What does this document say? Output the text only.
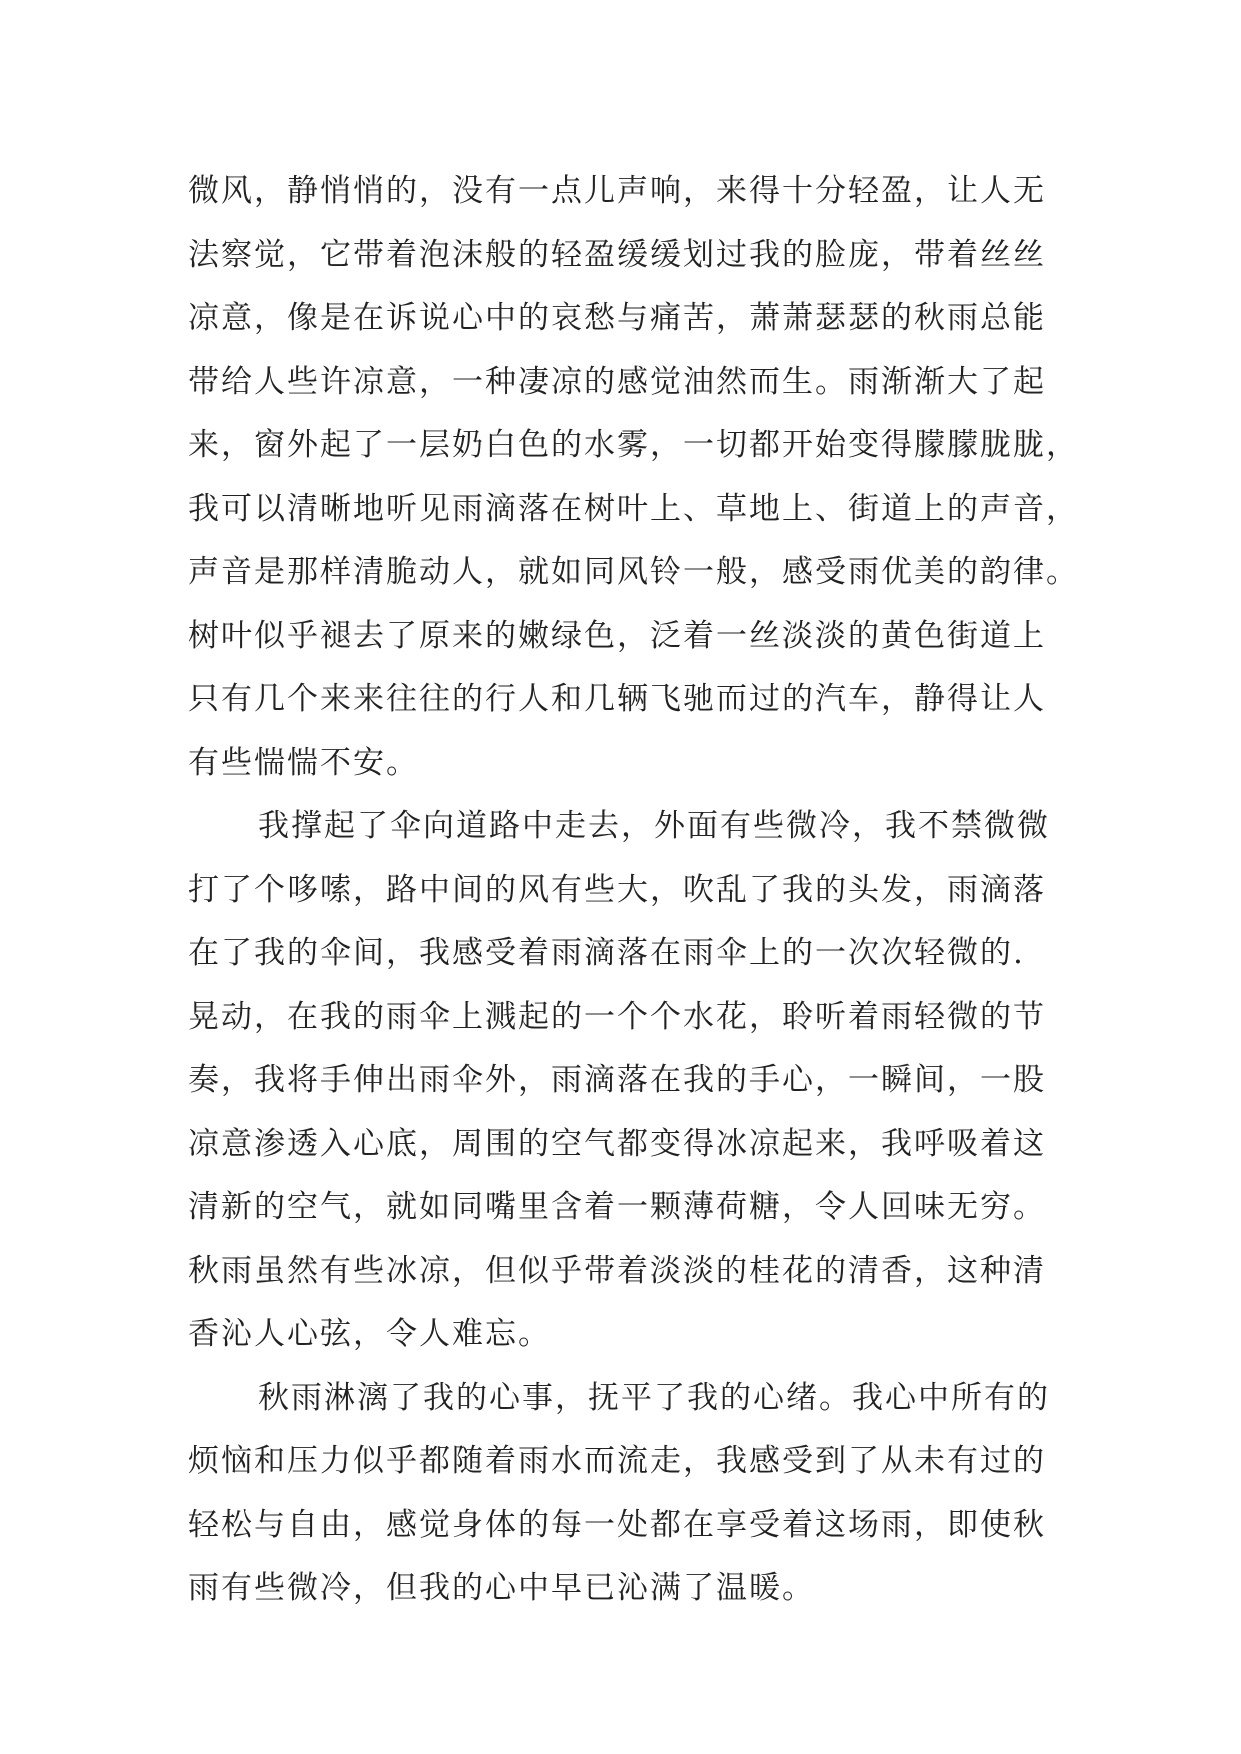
微风，静悄悄的，没有一点儿声响，来得十分轻盈，让人无
法察觉，它带着泡沫般的轻盈缓缓划过我的脸庞，带着丝丝
凉意，像是在诉说心中的哀愁与痛苦，萧萧瑟瑟的秋雨总能
带给人些许凉意，一种凄凉的感觉油然而生。雨渐渐大了起
来，窗外起了一层奶白色的水雾，一切都开始变得朦朦胧胧，
我可以清晰地听见雨滴落在树叶上、草地上、街道上的声音，
声音是那样清脆动人，就如同风铃一般，感受雨优美的韵律。
树叶似乎褪去了原来的嫩绿色，泛着一丝淡淡的黄色街道上
只有几个来来往往的行人和几辆飞驰而过的汽车，静得让人
有些惴惴不安。
我撑起了伞向道路中走去，外面有些微冷，我不禁微微
打了个哆嗦，路中间的风有些大，吹乱了我的头发，雨滴落
在了我的伞间，我感受着雨滴落在雨伞上的一次次轻微的.
晃动，在我的雨伞上溅起的一个个水花，聆听着雨轻微的节
奏，我将手伸出雨伞外，雨滴落在我的手心，一瞬间，一股
凉意渗透入心底，周围的空气都变得冰凉起来，我呼吸着这
清新的空气，就如同嘴里含着一颗薄荷糖，令人回味无穷。
秋雨虽然有些冰凉，但似乎带着淡淡的桂花的清香，这种清
香沁人心弦，令人难忘。
秋雨淋漓了我的心事，抚平了我的心绪。我心中所有的
烦恼和压力似乎都随着雨水而流走，我感受到了从未有过的
轻松与自由，感觉身体的每一处都在享受着这场雨，即使秋
雨有些微冷，但我的心中早已沁满了温暖。
